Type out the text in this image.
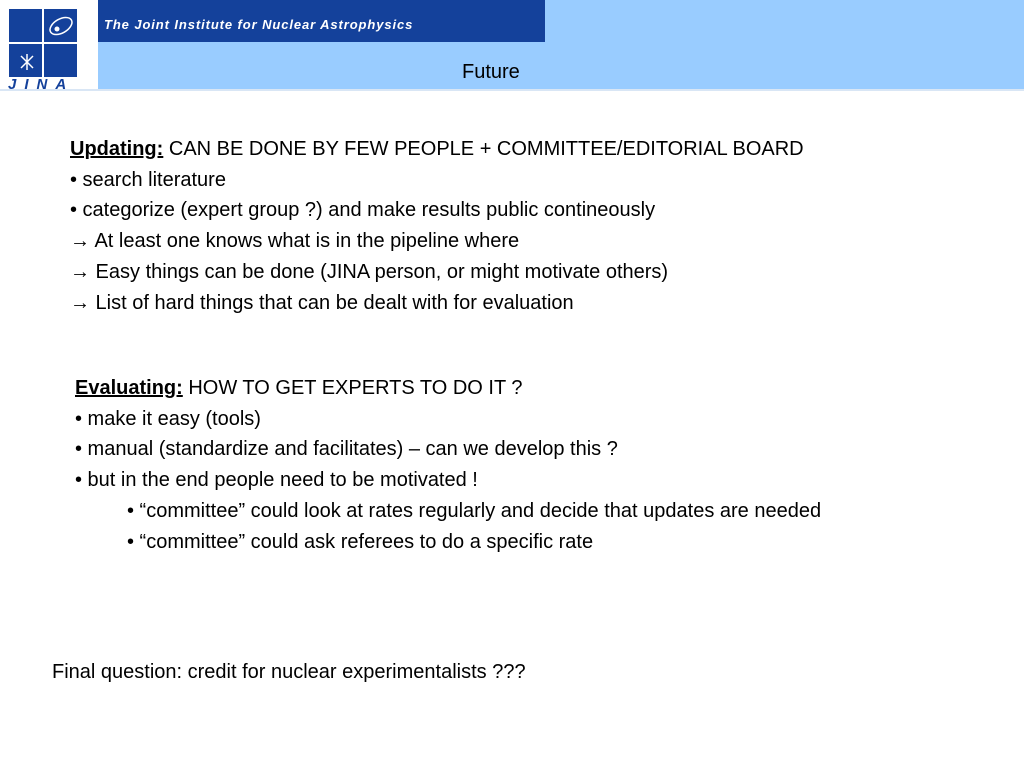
The Joint Institute for Nuclear Astrophysics
JINA
Future
Updating: CAN BE DONE BY FEW PEOPLE + COMMITTEE/EDITORIAL BOARD
• search literature
• categorize (expert group ?) and make results public contineously
→ At least one knows what is in the pipeline where
→ Easy things can be done (JINA person, or might motivate others)
→ List of hard things that can be dealt with for evaluation
Evaluating: HOW TO GET EXPERTS TO DO IT ?
• make it easy (tools)
• manual (standardize and facilitates) – can we develop this ?
• but in the end people need to be motivated !
• “committee” could look at rates regularly and decide that updates are needed
• “committee” could ask referees to do a specific rate
Final question: credit for nuclear experimentalists ???
